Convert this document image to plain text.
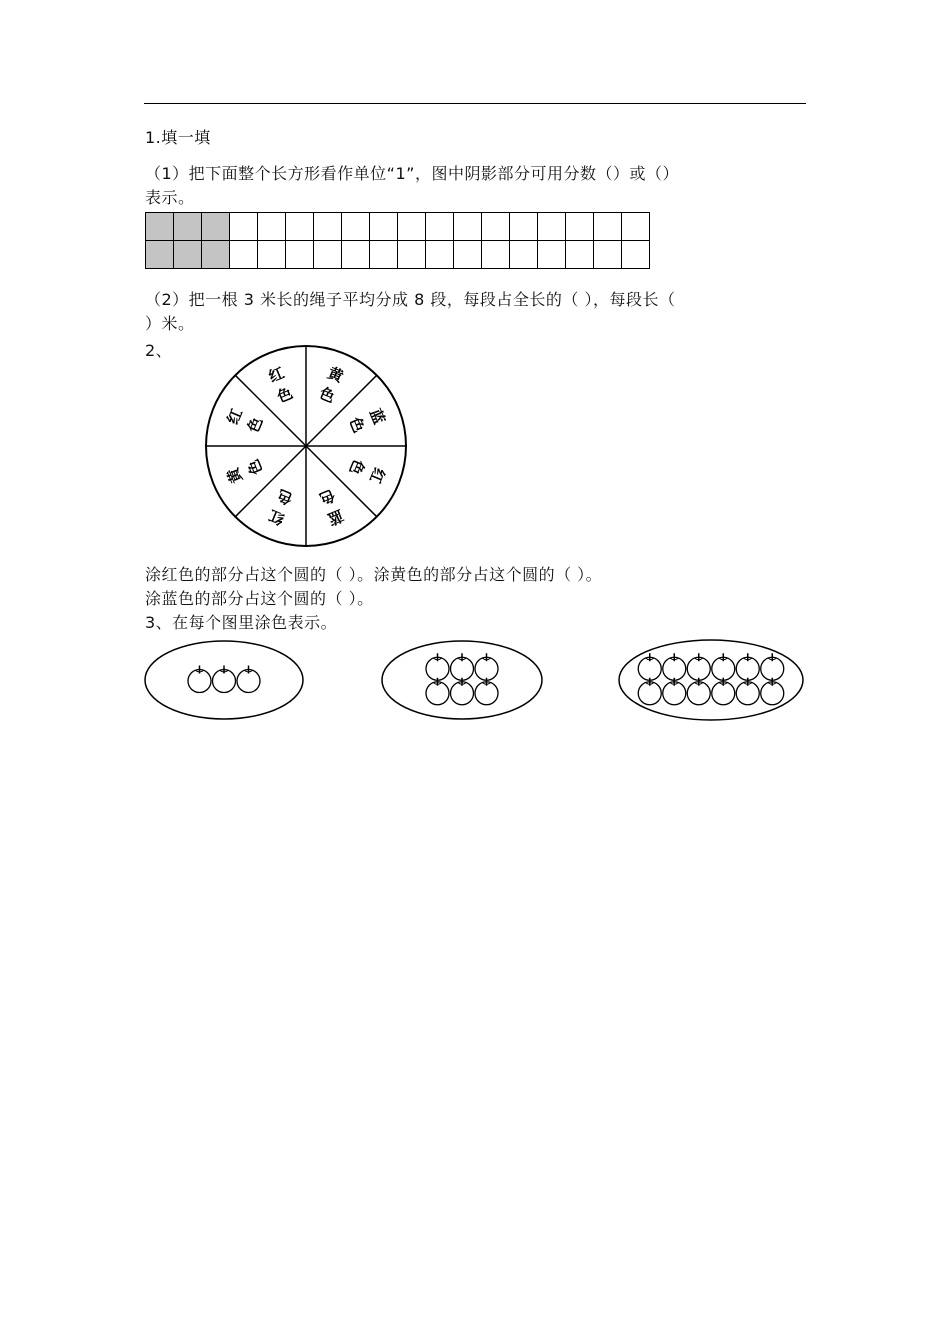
1.填一填
（1）把下面整个长方形看作单位“1”，图中阴影部分可用分数（）或（）
表示。

（2）把一根 3 米长的绳子平均分成 8 段，每段占全长的（ ），每段长（
）米。
2、
黄
色
蓝
色
红
色
蓝
色
红
色
黄
色
红
色
红
色
涂红色的部分占这个圆的（ ）。涂黄色的部分占这个圆的（ ）。
涂蓝色的部分占这个圆的（ ）。
3、在每个图里涂色表示。
